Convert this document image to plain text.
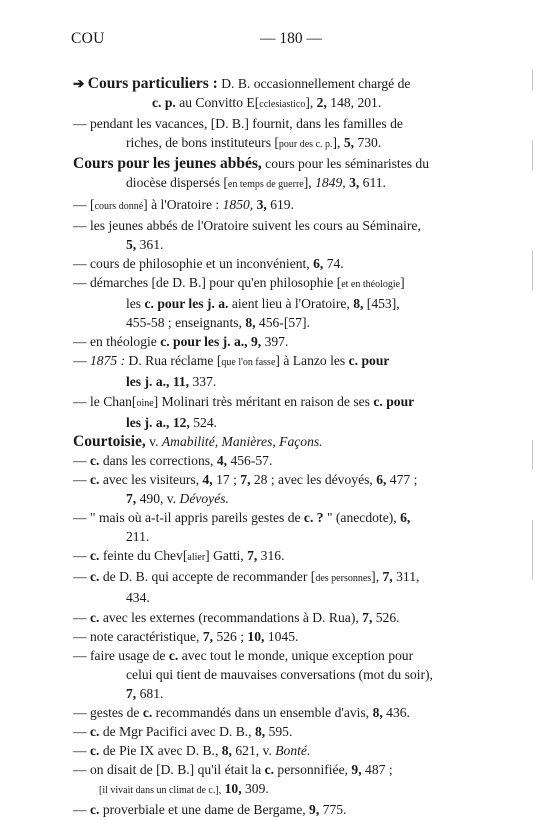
COU	— 180 —
➔ Cours particuliers : D. B. occasionnellement chargé de
c. p. au Convitto E[cclesiastico], 2, 148, 201.
— pendant les vacances, [D. B.] fournit, dans les familles de
riches, de bons instituteurs [pour des c. p.], 5, 730.
Cours pour les jeunes abbés, cours pour les séminaristes du
diocèse dispersés [en temps de guerre], 1849, 3, 611.
— [cours donné] à l'Oratoire : 1850, 3, 619.
— les jeunes abbés de l'Oratoire suivent les cours au Séminaire,
5, 361.
— cours de philosophie et un inconvénient, 6, 74.
— démarches [de D. B.] pour qu'en philosophie [et en théologie]
les c. pour les j. a. aient lieu à l'Oratoire, 8, [453],
455-58 ; enseignants, 8, 456-[57].
— en théologie c. pour les j. a., 9, 397.
— 1875 : D. Rua réclame [que l'on fasse] à Lanzo les c. pour
les j. a., 11, 337.
— le Chan[oine] Molinari très méritant en raison de ses c. pour
les j. a., 12, 524.
Courtoisie, v. Amabilité, Manières, Façons.
— c. dans les corrections, 4, 456-57.
— c. avec les visiteurs, 4, 17 ; 7, 28 ; avec les dévoyés, 6, 477 ;
7, 490, v. Dévoyés.
— " mais où a-t-il appris pareils gestes de c. ? " (anecdote), 6,
211.
— c. feinte du Chev[alier] Gatti, 7, 316.
— c. de D. B. qui accepte de recommander [des personnes], 7, 311,
434.
— c. avec les externes (recommandations à D. Rua), 7, 526.
— note caractéristique, 7, 526 ; 10, 1045.
— faire usage de c. avec tout le monde, unique exception pour
celui qui tient de mauvaises conversations (mot du soir),
7, 681.
— gestes de c. recommandés dans un ensemble d'avis, 8, 436.
— c. de Mgr Pacifici avec D. B., 8, 595.
— c. de Pie IX avec D. B., 8, 621, v. Bonté.
— on disait de [D. B.] qu'il était la c. personnifiée, 9, 487 ;
[il vivait dans un climat de c.], 10, 309.
— c. proverbiale et une dame de Bergame, 9, 775.
